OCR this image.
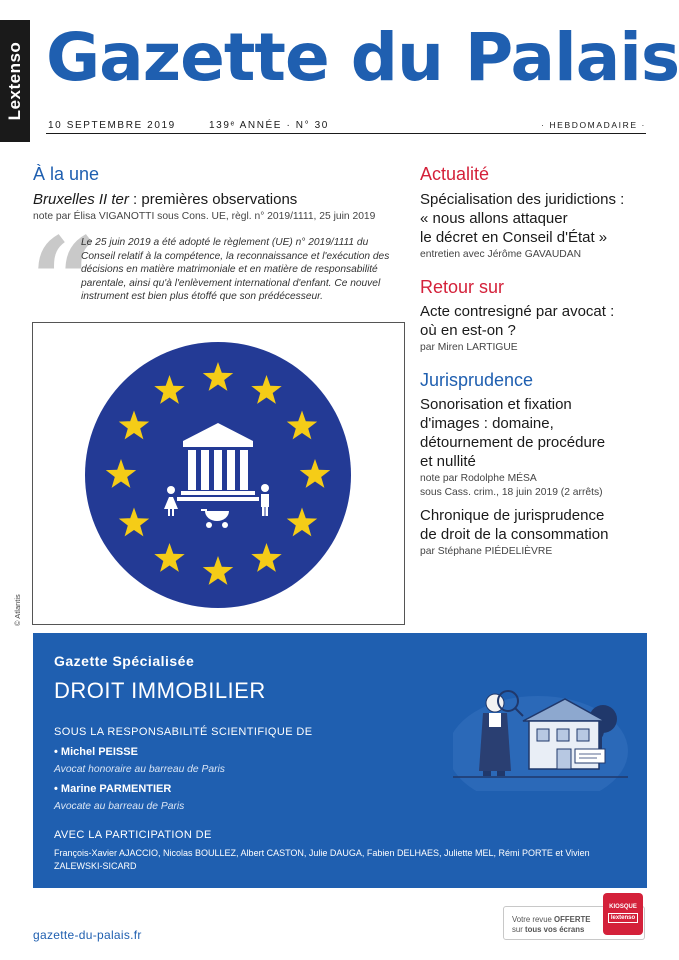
Lextenso Gazette du Palais
10 SEPTEMBRE 2019	139ᵉ ANNÉE · N° 30	· HEBDOMADAIRE ·
À la une
Bruxelles II ter : premières observations
note par Élisa VIGANOTTI sous Cons. UE, règl. n° 2019/1111, 25 juin 2019
“
Le 25 juin 2019 a été adopté le règlement (UE) n° 2019/1111 du Conseil relatif à la compétence, la reconnaissance et l'exécution des décisions en matière matrimoniale et en matière de responsabilité parentale, ainsi qu'à l'enlèvement international d'enfant. Ce nouvel instrument est bien plus étoffé que son prédécesseur.
© Atlantis
Actualité
Spécialisation des juridictions :
« nous allons attaquer
le décret en Conseil d'État »
entretien avec Jérôme GAVAUDAN
Retour sur
Acte contresigné par avocat :
où en est-on ?
par Miren LARTIGUE
Jurisprudence
Sonorisation et fixation
d'images : domaine,
détournement de procédure
et nullité
note par Rodolphe MÉSA
sous Cass. crim., 18 juin 2019 (2 arrêts)
Chronique de jurisprudence
de droit de la consommation
par Stéphane PIÉDELIÈVRE
Gazette Spécialisée
DROIT IMMOBILIER
SOUS LA RESPONSABILITÉ SCIENTIFIQUE DE
• Michel PEISSE
Avocat honoraire au barreau de Paris
• Marine PARMENTIER
Avocate au barreau de Paris
AVEC LA PARTICIPATION DE
François-Xavier AJACCIO, Nicolas BOULLEZ, Albert CASTON, Julie DAUGA, Fabien DELHAES, Juliette MEL, Rémi PORTE et Vivien ZALEWSKI-SICARD
gazette-du-palais.fr
Votre revue OFFERTE
sur tous vos écrans
KIOSQUE
lextenso
